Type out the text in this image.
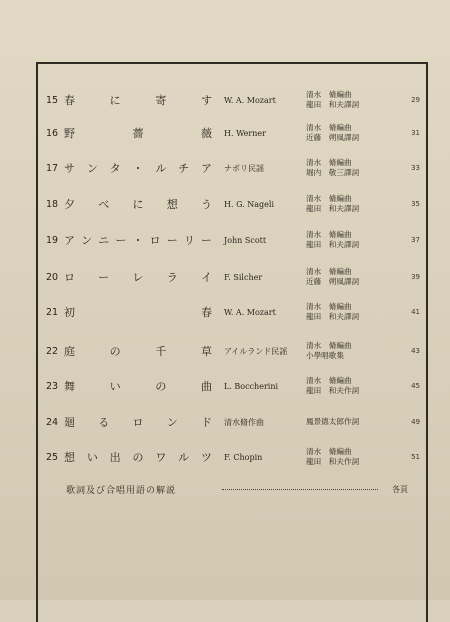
15 春	に	寄	す W. A. Mozart
清水　脩編曲
龍田　和夫譯詞	29
16 野	薔	薇 H. Werner
清水　脩編曲
近藤　朔風譯詞	31
17 サ ン タ ・ ル チ ア ナポリ民謡
清水　脩編曲
堀内　敬三譯詞	33
18 夕 べ に 想 う H. G. Nageli
清水　脩編曲
龍田　和夫譯詞	35
19 ア ン ニ ー ・ ロ ー リ ー John Scott
清水　脩編曲
龍田　和夫譯詞	37
20 ロ ー レ ラ イ F. Silcher
清水　脩編曲
近藤　朔風譯詞	39
21 初	春 W. A. Mozart
清水　脩編曲
龍田　和夫譯詞	41
22 庭	の	千	草 アイルランド民謡
清水　脩編曲
小學唱歌集	43
23 舞	い	の	曲 L. Boccherini
清水　脩編曲
龍田　和夫作詞	45
24 廻 る ロ ン ド 清水脩作曲	鳳景德太郎作詞	49
25 想 い 出 の ワ ル ツ F. Chopin
清水　脩編曲
龍田　和夫作詞	51
歌詞及び合唱用語の解説	各頁
